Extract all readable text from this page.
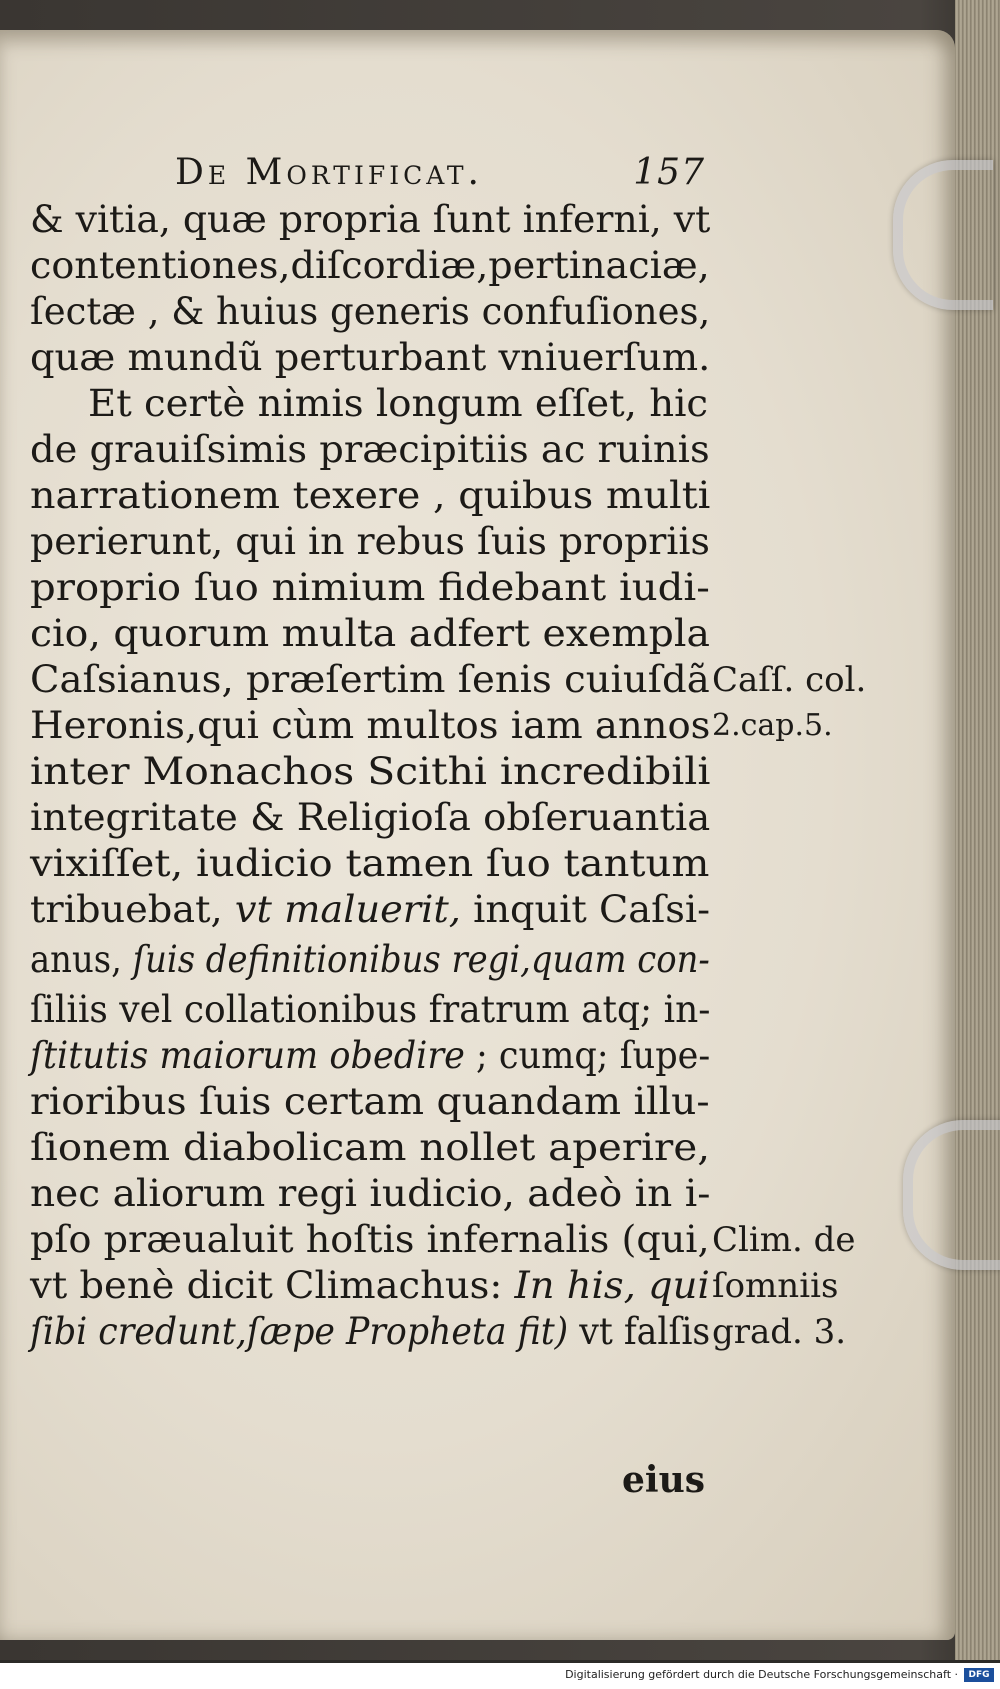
De Mortificat.	157
& vitia, quæ propria ſunt inferni, vt
contentiones,diſcordiæ,pertinaciæ,
ſectæ , & huius generis confuſiones,
quæ mundũ perturbant vniuerſum.
Et certè nimis longum eſſet, hic
de grauiſsimis præcipitiis ac ruinis
narrationem texere , quibus multi
perierunt, qui in rebus ſuis propriis
proprio ſuo nimium fidebant iudi-
cio, quorum multa adfert exempla
Caſsianus, præſertim ſenis cuiuſdã
Heronis,qui cùm multos iam annos
inter Monachos Scithi incredibili
integritate & Religioſa obſeruantia
vixiſſet, iudicio tamen ſuo tantum
tribuebat, vt maluerit, inquit Caſsi-
anus, ſuis definitionibus regi,quam con-
ſiliis vel collationibus fratrum atq; in-
ſtitutis maiorum obedire ; cumq; ſupe-
rioribus ſuis certam quandam illu-
ſionem diabolicam nollet aperire,
nec aliorum regi iudicio, adeò in i-
pſo præualuit hoſtis infernalis (qui,
vt benè dicit Climachus: In his, qui
ſibi credunt,ſæpe Propheta fit) vt falſis
Caſſ. col.
2.cap.5.
Clim. de
ſomniis
grad. 3.
eius
Digitalisierung gefördert durch die Deutsche Forschungsgemeinschaft ·	DFG
